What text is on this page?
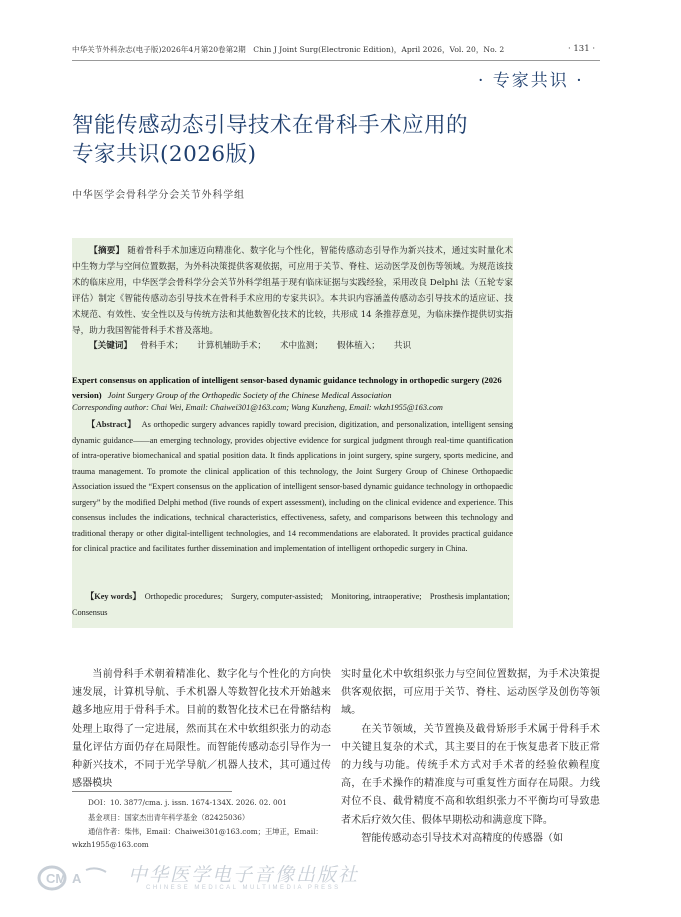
中华关节外科杂志(电子版)2026年4月第20卷第2期　Chin J Joint Surg(Electronic Edition)，April 2026，Vol. 20，No. 2	· 131 ·
· 专家共识 ·
智能传感动态引导技术在骨科手术应用的
专家共识(2026版)
中华医学会骨科学分会关节外科学组

【摘要】 随着骨科手术加速迈向精准化、数字化与个性化，智能传感动态引导作为新兴技术，通过实时量化术中生物力学与空间位置数据，为外科决策提供客观依据，可应用于关节、脊柱、运动医学及创伤等领域。为规范该技术的临床应用，中华医学会骨科学分会关节外科学组基于现有临床证据与实践经验，采用改良 Delphi 法（五轮专家评估）制定《智能传感动态引导技术在骨科手术应用的专家共识》。本共识内容涵盖传感动态引导技术的适应证、技术规范、有效性、安全性以及与传统方法和其他数智化技术的比较，共形成 14 条推荐意见，为临床操作提供切实指导，助力我国智能骨科手术普及落地。

【关键词】 骨科手术； 计算机辅助手术； 术中监测； 假体植入； 共识
Expert consensus on application of intelligent sensor-based dynamic guidance technology in orthopedic surgery (2026 version) Joint Surgery Group of the Orthopedic Society of the Chinese Medical Association
Corresponding author: Chai Wei, Email: Chaiwei301@163.com; Wang Kunzheng, Email: wkzh1955@163.com

【Abstract】 As orthopedic surgery advances rapidly toward precision, digitization, and personalization, intelligent sensing dynamic guidance——an emerging technology, provides objective evidence for surgical judgment through real-time quantification of intra-operative biomechanical and spatial position data. It finds applications in joint surgery, spine surgery, sports medicine, and trauma management. To promote the clinical application of this technology, the Joint Surgery Group of Chinese Orthopaedic Association issued the “Expert consensus on the application of intelligent sensor-based dynamic guidance technology in orthopaedic surgery” by the modified Delphi method (five rounds of expert assessment), including on the clinical evidence and experience. This consensus includes the indications, technical characteristics, effectiveness, safety, and comparisons between this technology and traditional therapy or other digital-intelligent technologies, and 14 recommendations are elaborated. It provides practical guidance for clinical practice and facilitates further dissemination and implementation of intelligent orthopedic surgery in China.

【Key words】 Orthopedic procedures;　Surgery, computer-assisted;　Monitoring, intraoperative;　Prosthesis implantation;　Consensus

当前骨科手术朝着精准化、数字化与个性化的方向快速发展，计算机导航、手术机器人等数智化技术开始越来越多地应用于骨科手术。目前的数智化技术已在骨骼结构处理上取得了一定进展，然而其在术中软组织张力的动态量化评估方面仍存在局限性。而智能传感动态引导作为一种新兴技术，不同于光学导航／机器人技术，其可通过传感器模块

实时量化术中软组织张力与空间位置数据，为手术决策提供客观依据，可应用于关节、脊柱、运动医学及创伤等领域。

在关节领域，关节置换及截骨矫形手术属于骨科手术中关键且复杂的术式，其主要目的在于恢复患者下肢正常的力线与功能。传统手术方式对手术者的经验依赖程度高，在手术操作的精准度与可重复性方面存在局限。力线对位不良、截骨精度不高和软组织张力不平衡均可导致患者术后疗效欠佳、假体早期松动和满意度下降。

智能传感动态引导技术对高精度的传感器（如

DOI：10. 3877/cma. j. issn. 1674-134X. 2026. 02. 001
基金项目：国家杰出青年科学基金（82425036）
通信作者：柴伟，Email：Chaiwei301@163.com；王坤正，Email：
wkzh1955@163.com
CM A 中华医学电子音像出版社
CHINESE MEDICAL MULTIMEDIA PRESS
